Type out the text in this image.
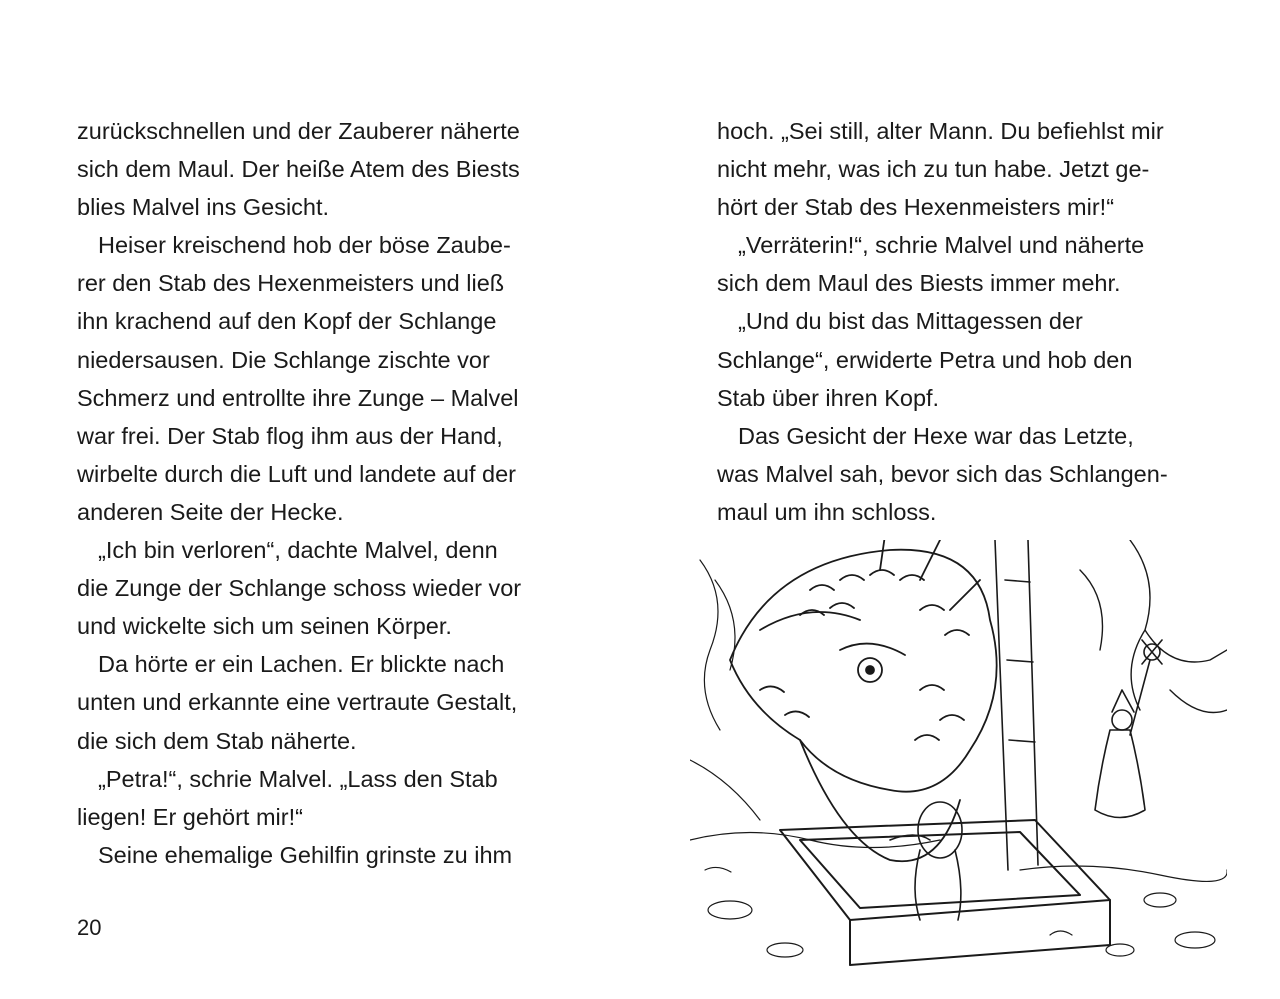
zurückschnellen und der Zauberer näherte
sich dem Maul. Der heiße Atem des Biests
blies Malvel ins Gesicht.

Heiser kreischend hob der böse Zaube-
rer den Stab des Hexenmeisters und ließ
ihn krachend auf den Kopf der Schlange
niedersausen. Die Schlange zischte vor
Schmerz und entrollte ihre Zunge – Malvel
war frei. Der Stab flog ihm aus der Hand,
wirbelte durch die Luft und landete auf der
anderen Seite der Hecke.

„Ich bin verloren“, dachte Malvel, denn
die Zunge der Schlange schoss wieder vor
und wickelte sich um seinen Körper.

Da hörte er ein Lachen. Er blickte nach
unten und erkannte eine vertraute Gestalt,
die sich dem Stab näherte.

„Petra!“, schrie Malvel. „Lass den Stab
liegen! Er gehört mir!“

Seine ehemalige Gehilfin grinste zu ihm

20

hoch. „Sei still, alter Mann. Du befiehlst mir
nicht mehr, was ich zu tun habe. Jetzt ge-
hört der Stab des Hexenmeisters mir!“

„Verräterin!“, schrie Malvel und näherte
sich dem Maul des Biests immer mehr.

„Und du bist das Mittagessen der
Schlange“, erwiderte Petra und hob den
Stab über ihren Kopf.

Das Gesicht der Hexe war das Letzte,
was Malvel sah, bevor sich das Schlangen-
maul um ihn schloss.
